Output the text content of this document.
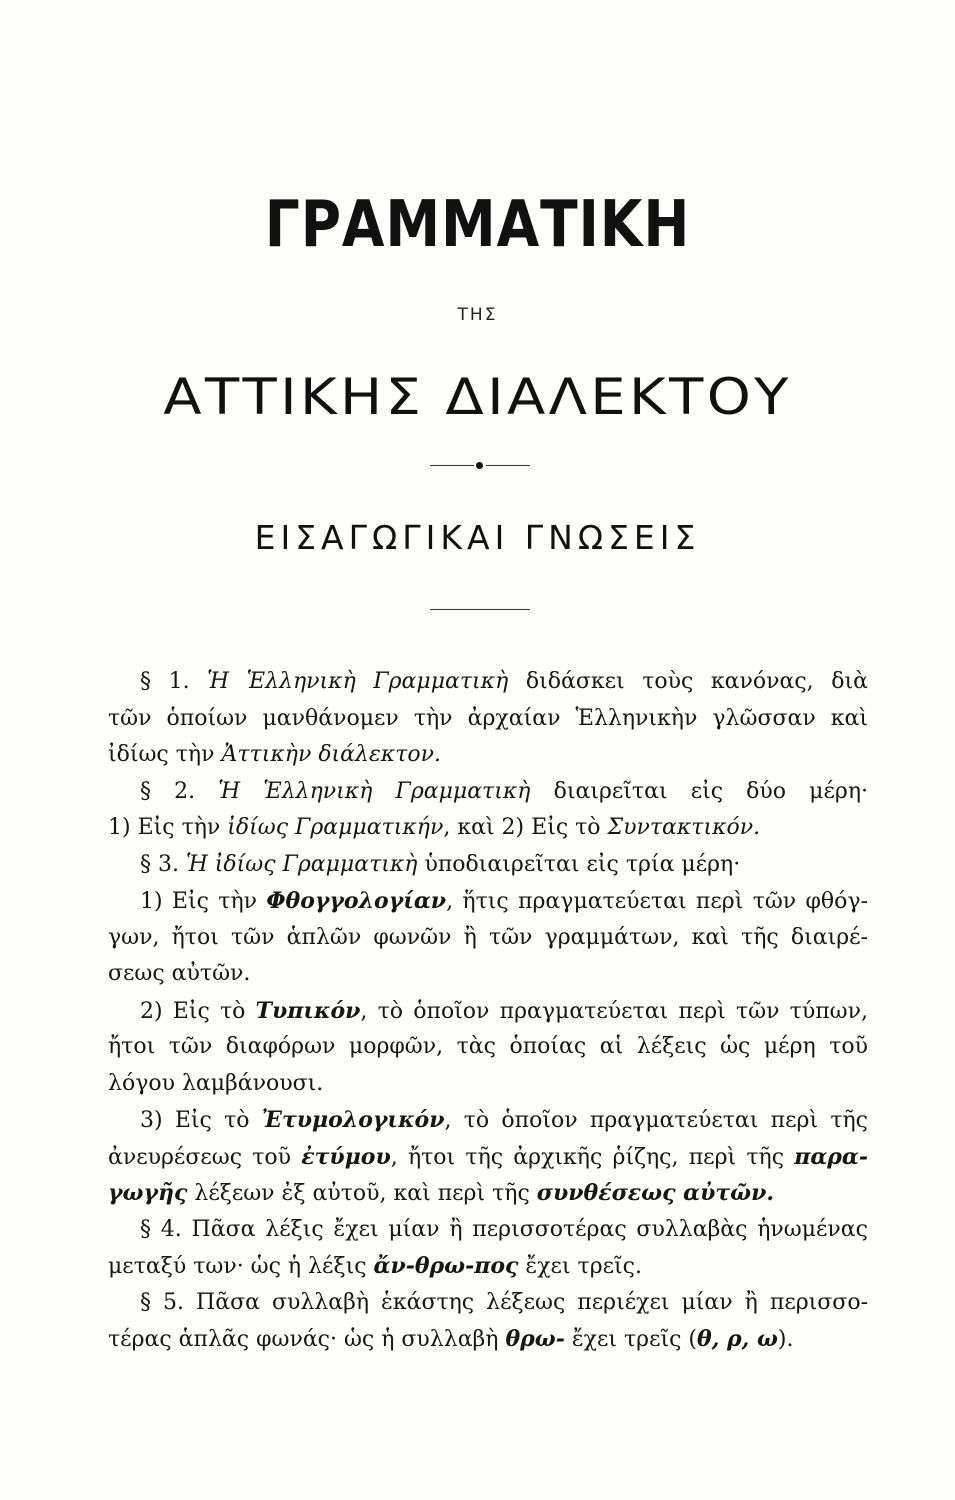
ΓΡΑΜΜΑΤΙΚΗ
ΤΗΣ
ΑΤΤΙΚΗΣ ΔΙΑΛΕΚΤΟΥ
ΕΙΣΑΓΩΓΙΚΑΙ ΓΝΩΣΕΙΣ
§ 1. Ἡ Ἑλληνικὴ Γραμματικὴ διδάσκει τοὺς κανόνας, διὰ
τῶν ὁποίων μανθάνομεν τὴν ἀρχαίαν Ἑλληνικὴν γλῶσσαν καὶ
ἰδίως τὴν Ἀττικὴν διάλεκτον.
§ 2. Ἡ Ἑλληνικὴ Γραμματικὴ διαιρεῖται εἰς δύο μέρη·
1) Εἰς τὴν ἰδίως Γραμματικήν, καὶ 2) Εἰς τὸ Συντακτικόν.
§ 3. Ἡ ἰδίως Γραμματικὴ ὑποδιαιρεῖται εἰς τρία μέρη·
1) Εἰς τὴν Φθογγολογίαν, ἥτις πραγματεύεται περὶ τῶν φθόγ-
γων, ἤτοι τῶν ἁπλῶν φωνῶν ἢ τῶν γραμμάτων, καὶ τῆς διαιρέ-
σεως αὐτῶν.
2) Εἰς τὸ Τυπικόν, τὸ ὁποῖον πραγματεύεται περὶ τῶν τύπων,
ἤτοι τῶν διαφόρων μορφῶν, τὰς ὁποίας αἱ λέξεις ὡς μέρη τοῦ
λόγου λαμβάνουσι.
3) Εἰς τὸ Ἐτυμολογικόν, τὸ ὁποῖον πραγματεύεται περὶ τῆς
ἀνευρέσεως τοῦ ἐτύμου, ἤτοι τῆς ἀρχικῆς ῥίζης, περὶ τῆς παρα-
γωγῆς λέξεων ἐξ αὐτοῦ, καὶ περὶ τῆς συνθέσεως αὐτῶν.
§ 4. Πᾶσα λέξις ἔχει μίαν ἢ περισσοτέρας συλλαβὰς ἡνωμένας
μεταξύ των· ὡς ἡ λέξις ἄν-θρω-πος ἔχει τρεῖς.
§ 5. Πᾶσα συλλαβὴ ἑκάστης λέξεως περιέχει μίαν ἢ περισσο-
τέρας ἁπλᾶς φωνάς· ὡς ἡ συλλαβὴ θρω- ἔχει τρεῖς (θ, ρ, ω).
